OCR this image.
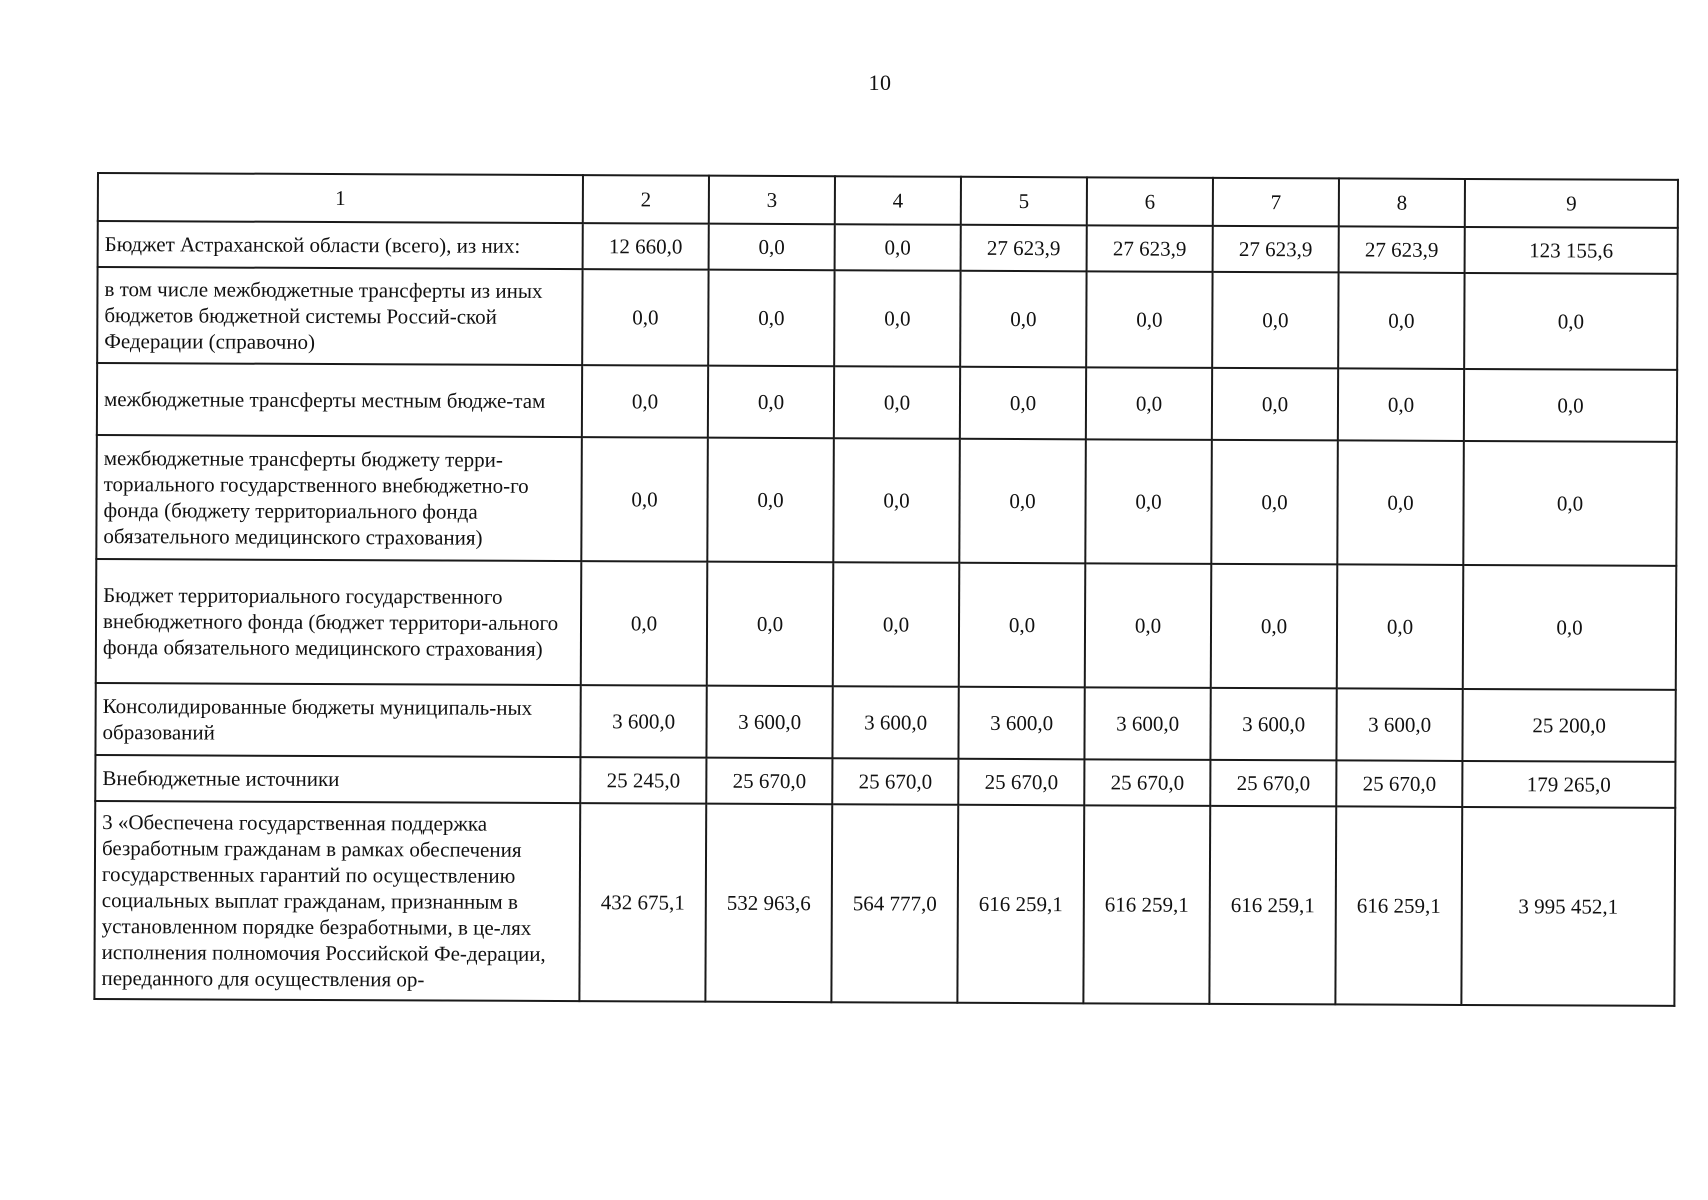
10
1	2	3	4	5	6	7	8	9
Бюджет Астраханской области (всего), из них:	12 660,0	0,0	0,0	27 623,9	27 623,9	27 623,9	27 623,9	123 155,6
в том числе межбюджетные трансферты из иных бюджетов бюджетной системы Россий-ской Федерации (справочно)	0,0	0,0	0,0	0,0	0,0	0,0	0,0	0,0
межбюджетные трансферты местным бюдже-там	0,0	0,0	0,0	0,0	0,0	0,0	0,0	0,0
межбюджетные трансферты бюджету терри-ториального государственного внебюджетно-го фонда (бюджету территориального фонда обязательного медицинского страхования)	0,0	0,0	0,0	0,0	0,0	0,0	0,0	0,0
Бюджет территориального государственного внебюджетного фонда (бюджет территори-ального фонда обязательного медицинского страхования)	0,0	0,0	0,0	0,0	0,0	0,0	0,0	0,0
Консолидированные бюджеты муниципаль-ных образований	3 600,0	3 600,0	3 600,0	3 600,0	3 600,0	3 600,0	3 600,0	25 200,0
Внебюджетные источники	25 245,0	25 670,0	25 670,0	25 670,0	25 670,0	25 670,0	25 670,0	179 265,0
3 «Обеспечена государственная поддержка безработным гражданам в рамках обеспечения государственных гарантий по осуществлению социальных выплат гражданам, признанным в установленном порядке безработными, в це-лях исполнения полномочия Российской Фе-дерации, переданного для осуществления ор-	432 675,1	532 963,6	564 777,0	616 259,1	616 259,1	616 259,1	616 259,1	3 995 452,1
